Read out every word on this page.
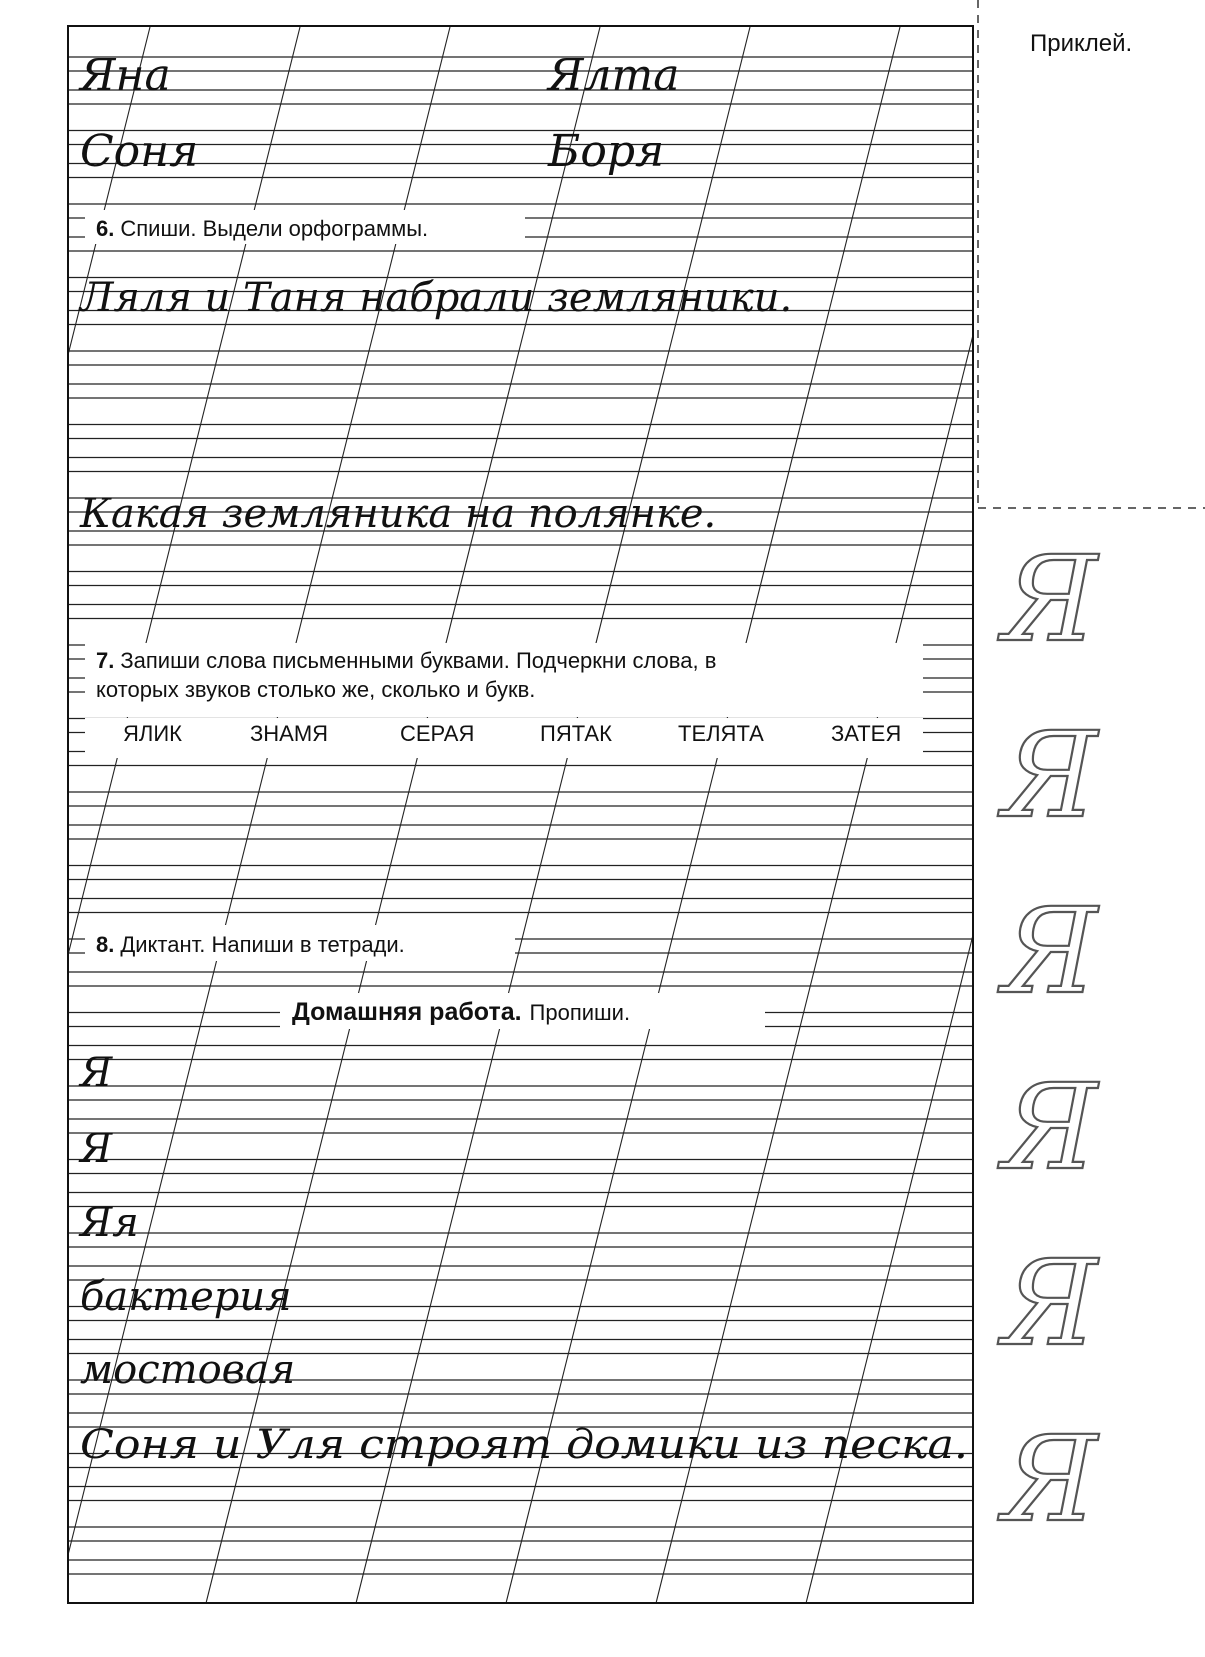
Приклей.
Яна	Ялта
Соня	Боря
6. Спиши. Выдели орфограммы.
Ляля и Таня набрали земляники.
Какая земляника на полянке.
7. Запиши слова письменными буквами. Подчеркни слова, в
которых звуков столько же, сколько и букв.
ЯЛИК	ЗНАМЯ	СЕРАЯ	ПЯТАК	ТЕЛЯТА	ЗАТЕЯ
8. Диктант. Напиши в тетради.
Домашняя работа. Пропиши.
Я
Я
Яя
бактерия
мостовая
Соня и Уля строят домики из песка.
Я
Я
Я
Я
Я
Я
